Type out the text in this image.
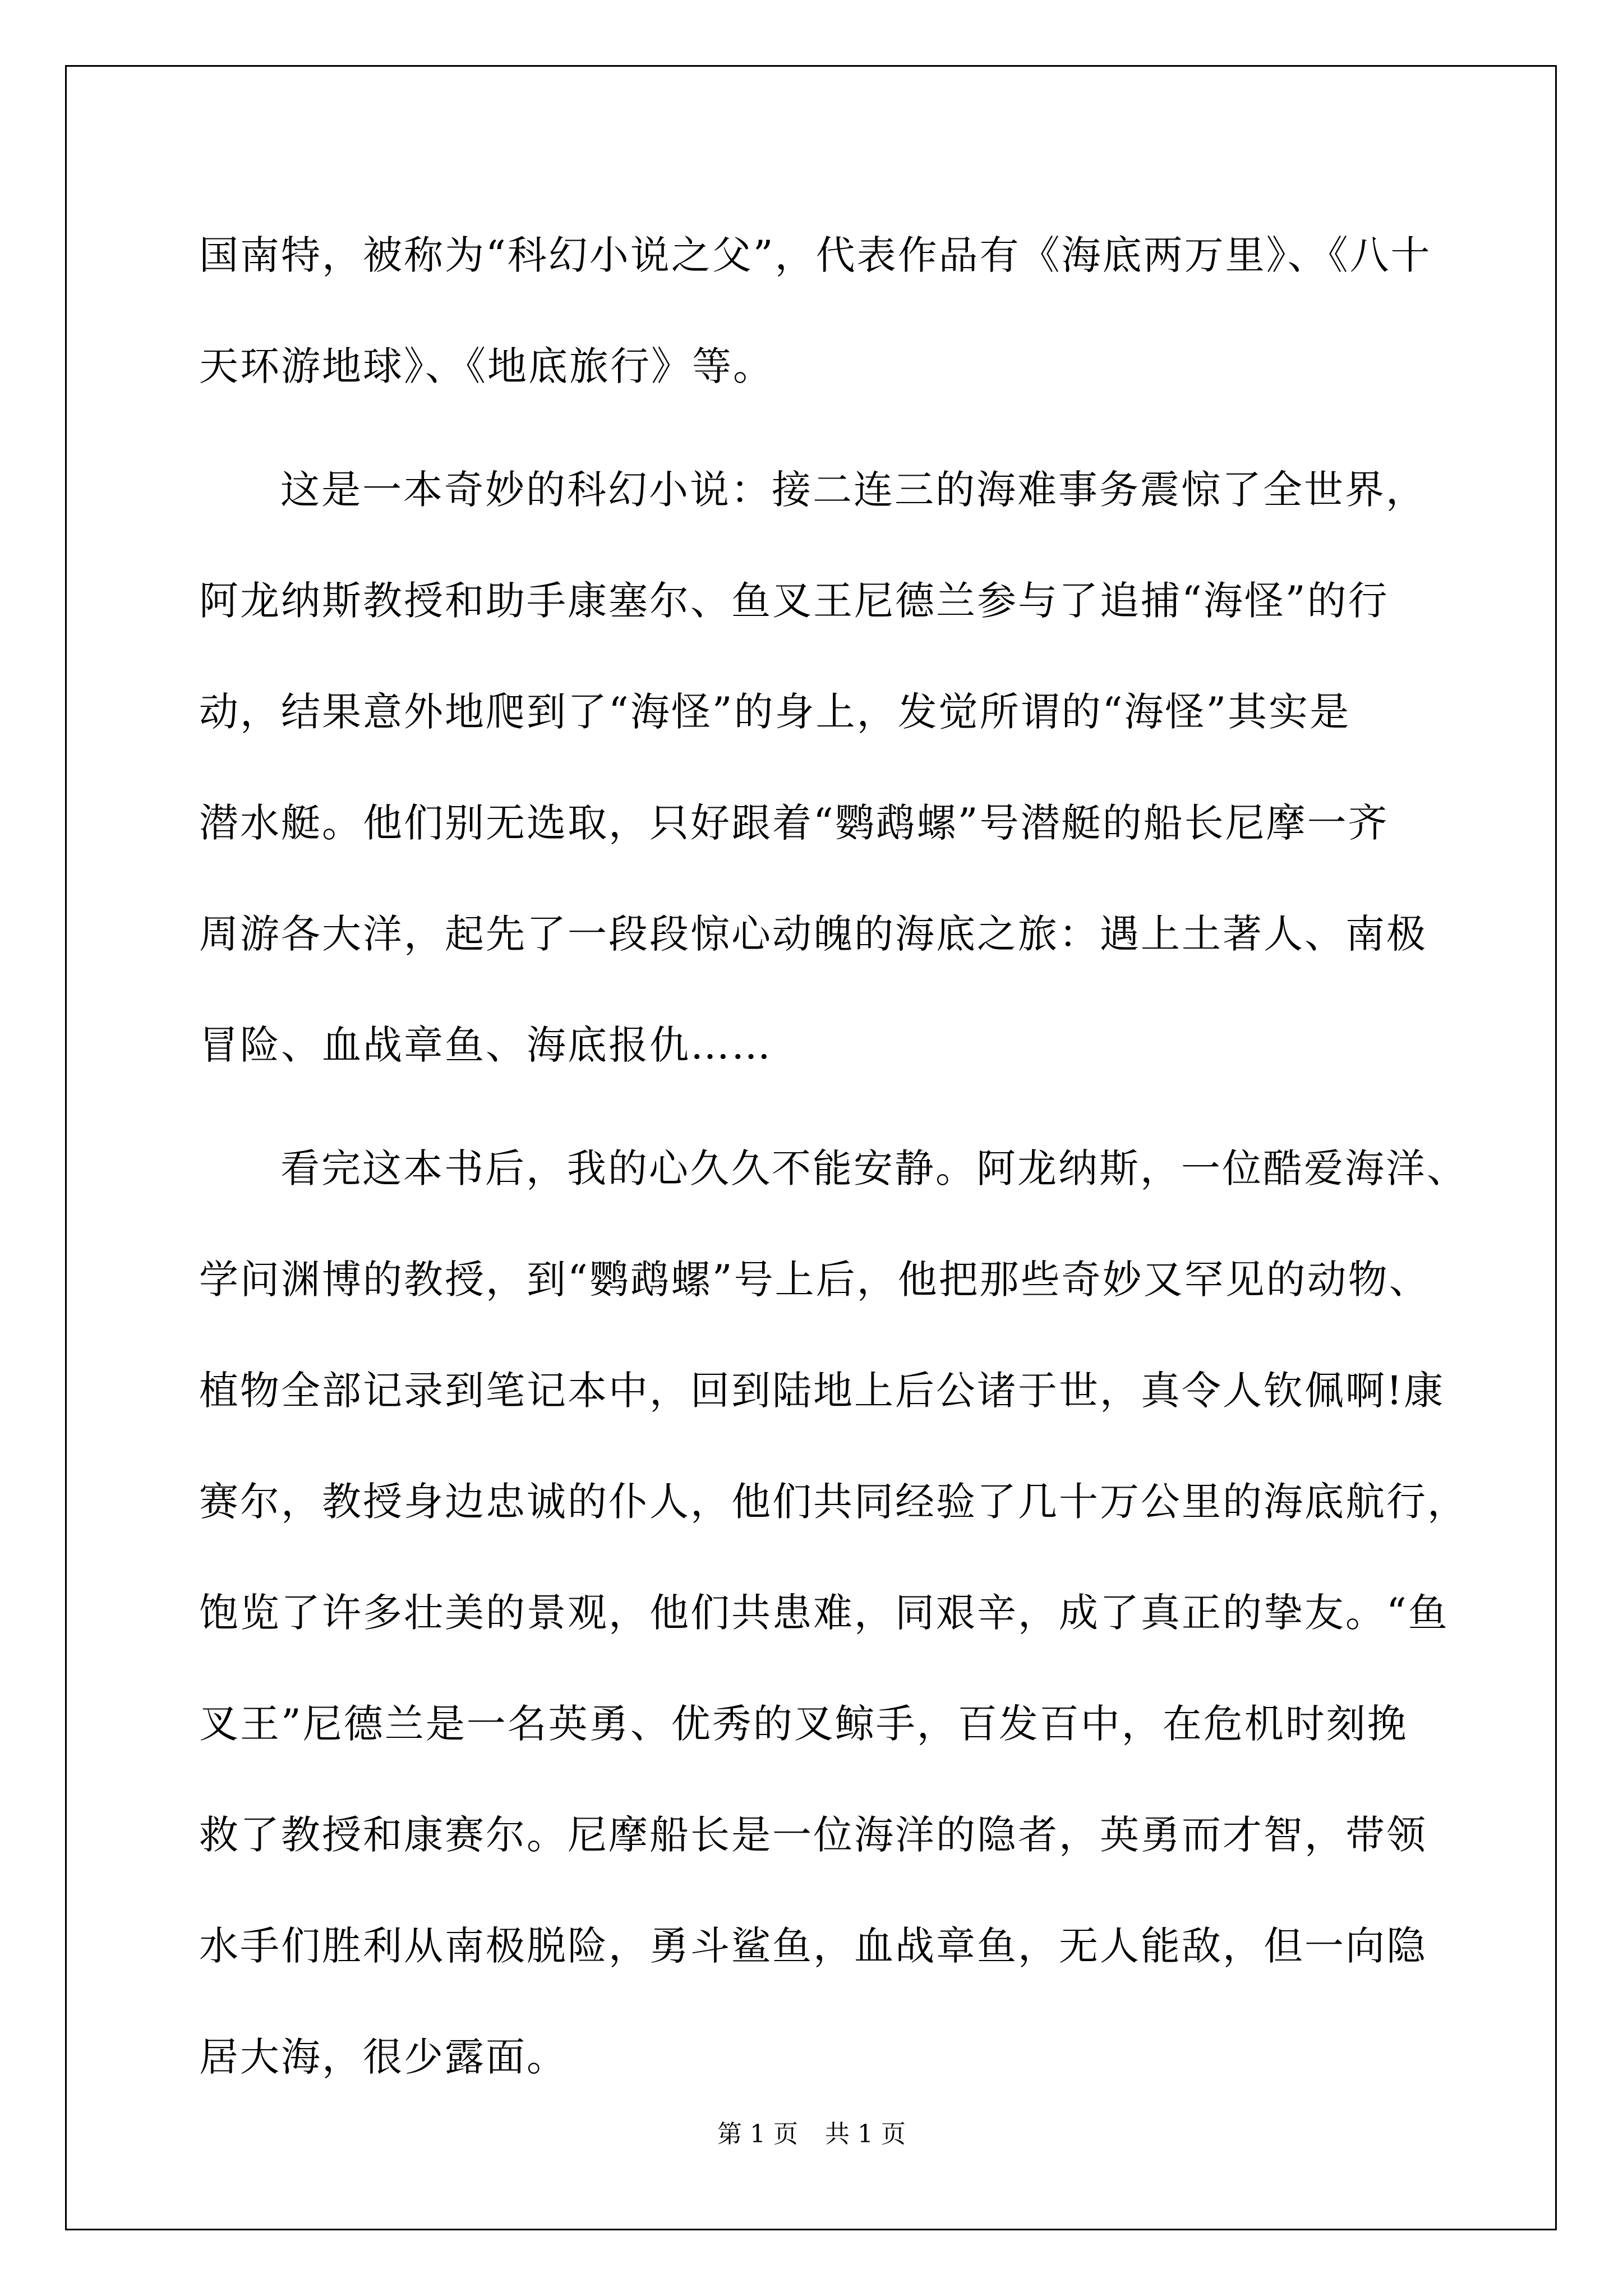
国南特，被称为“科幻小说之父”，代表作品有《海底两万里》、《八十
天环游地球》、《地底旅行》等。

这是一本奇妙的科幻小说：接二连三的海难事务震惊了全世界，
阿龙纳斯教授和助手康塞尔、鱼叉王尼德兰参与了追捕“海怪”的行
动，结果意外地爬到了“海怪”的身上，发觉所谓的“海怪”其实是
潜水艇。他们别无选取，只好跟着“鹦鹉螺”号潜艇的船长尼摩一齐
周游各大洋，起先了一段段惊心动魄的海底之旅：遇上土著人、南极
冒险、血战章鱼、海底报仇……

看完这本书后，我的心久久不能安静。阿龙纳斯，一位酷爱海洋、
学问渊博的教授，到“鹦鹉螺”号上后，他把那些奇妙又罕见的动物、
植物全部记录到笔记本中，回到陆地上后公诸于世，真令人钦佩啊!康
赛尔，教授身边忠诚的仆人，他们共同经验了几十万公里的海底航行，
饱览了许多壮美的景观，他们共患难，同艰辛，成了真正的挚友。“鱼
叉王”尼德兰是一名英勇、优秀的叉鲸手，百发百中，在危机时刻挽
救了教授和康赛尔。尼摩船长是一位海洋的隐者，英勇而才智，带领
水手们胜利从南极脱险，勇斗鲨鱼，血战章鱼，无人能敌，但一向隐
居大海，很少露面。

第 1 页 共 1 页
